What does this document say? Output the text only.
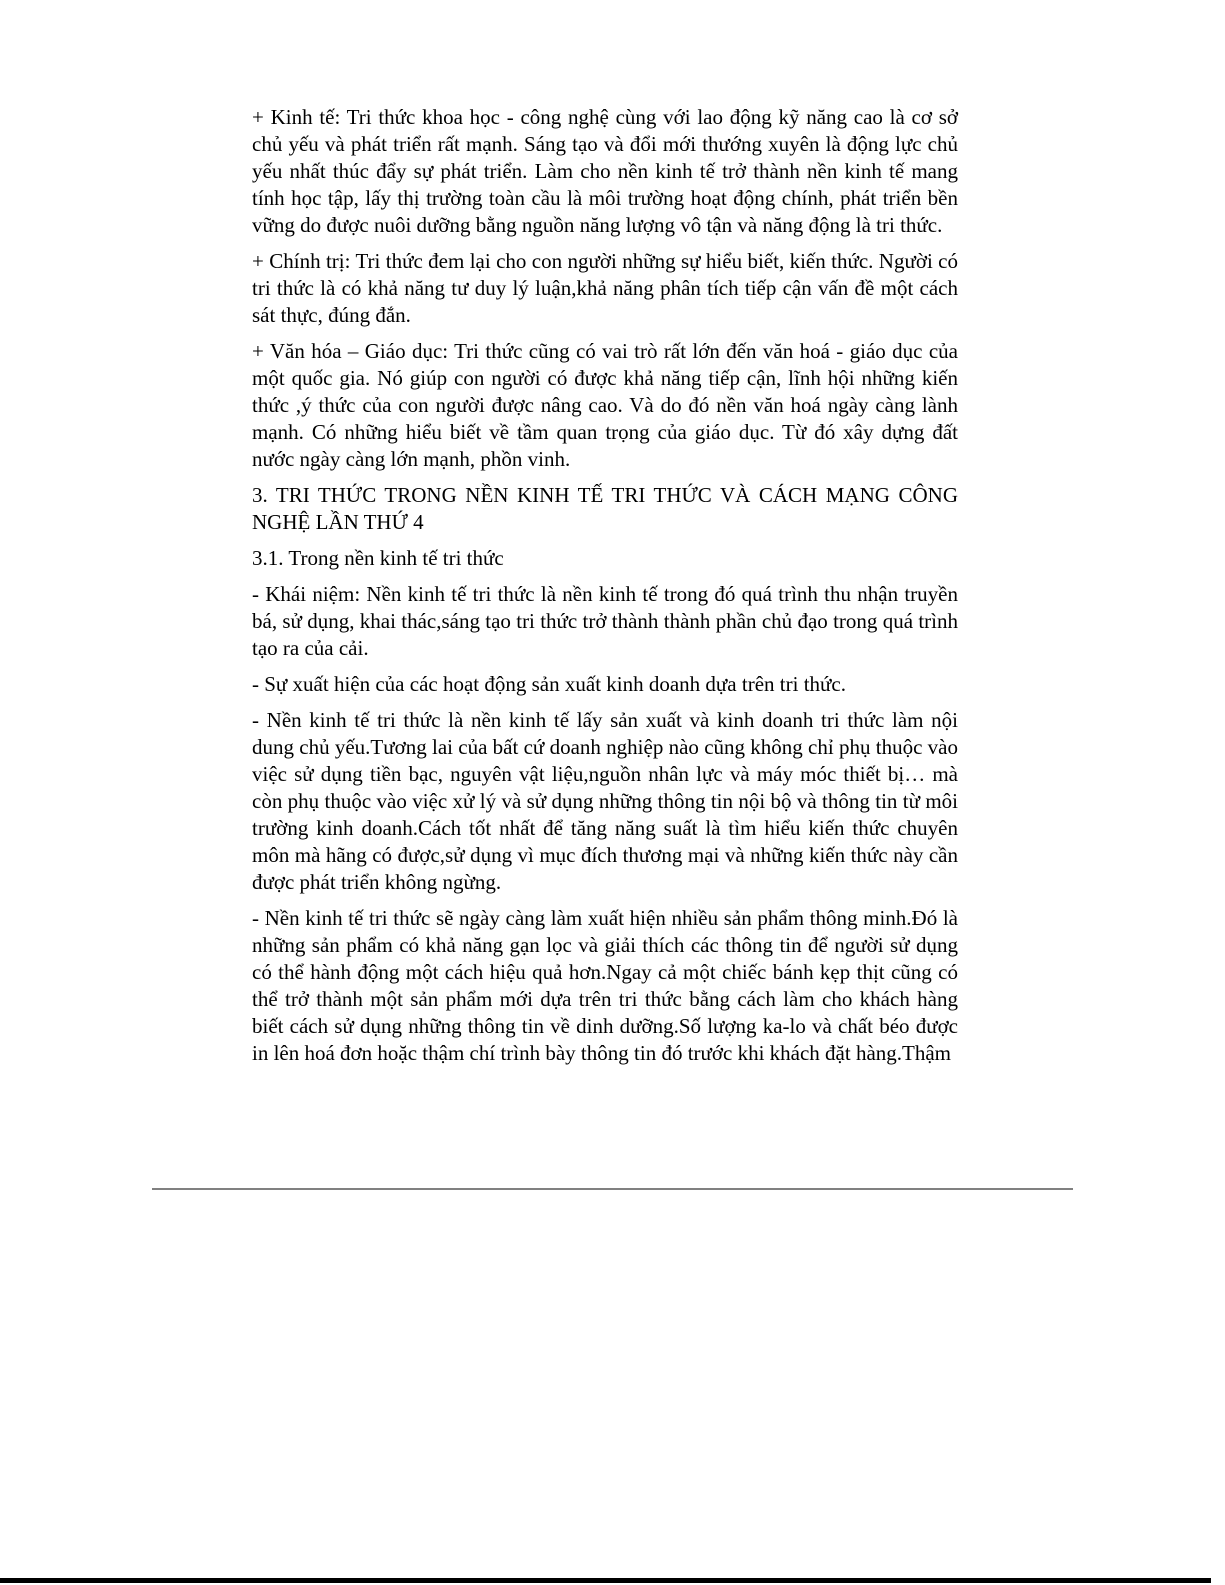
+ Kinh tế: Tri thức khoa học - công nghệ cùng với lao động kỹ năng cao là cơ sở chủ yếu và phát triển rất mạnh. Sáng tạo và đổi mới thướng xuyên là động lực chủ yếu nhất thúc đẩy sự phát triển. Làm cho nền kinh tế trở thành nền kinh tế mang tính học tập, lấy thị trường toàn cầu là môi trường hoạt động chính, phát triển bền vững do được nuôi dưỡng bằng nguồn năng lượng vô tận và năng động là tri thức.

+ Chính trị: Tri thức đem lại cho con người những sự hiểu biết, kiến thức. Người có tri thức là có khả năng tư duy lý luận,khả năng phân tích tiếp cận vấn đề một cách sát thực, đúng đắn.

+ Văn hóa – Giáo dục: Tri thức cũng có vai trò rất lớn đến văn hoá - giáo dục của một quốc gia. Nó giúp con người có được khả năng tiếp cận, lĩnh hội những kiến thức ,ý thức của con người được nâng cao. Và do đó nền văn hoá ngày càng lành mạnh. Có những hiểu biết về tầm quan trọng của giáo dục. Từ đó xây dựng đất nước ngày càng lớn mạnh, phồn vinh.

3. TRI THỨC TRONG NỀN KINH TẾ TRI THỨC VÀ CÁCH MẠNG CÔNG NGHỆ LẦN THỨ 4

3.1. Trong nền kinh tế tri thức

- Khái niệm: Nền kinh tế tri thức là nền kinh tế trong đó quá trình thu nhận truyền bá, sử dụng, khai thác,sáng tạo tri thức trở thành thành phần chủ đạo trong quá trình tạo ra của cải.

- Sự xuất hiện của các hoạt động sản xuất kinh doanh dựa trên tri thức.

- Nền kinh tế tri thức là nền kinh tế lấy sản xuất và kinh doanh tri thức làm nội dung chủ yếu.Tương lai của bất cứ doanh nghiệp nào cũng không chỉ phụ thuộc vào việc sử dụng tiền bạc, nguyên vật liệu,nguồn nhân lực và máy móc thiết bị… mà còn phụ thuộc vào việc xử lý và sử dụng những thông tin nội bộ và thông tin từ môi trường kinh doanh.Cách tốt nhất để tăng năng suất là tìm hiểu kiến thức chuyên môn mà hãng có được,sử dụng vì mục đích thương mại và những kiến thức này cần được phát triển không ngừng.

- Nền kinh tế tri thức sẽ ngày càng làm xuất hiện nhiều sản phẩm thông minh.Đó là những sản phẩm có khả năng gạn lọc và giải thích các thông tin để người sử dụng có thể hành động một cách hiệu quả hơn.Ngay cả một chiếc bánh kẹp thịt cũng có thể trở thành một sản phẩm mới dựa trên tri thức bằng cách làm cho khách hàng biết cách sử dụng những thông tin về dinh dưỡng.Số lượng ka-lo và chất béo được in lên hoá đơn hoặc thậm chí trình bày thông tin đó trước khi khách đặt hàng.Thậm
